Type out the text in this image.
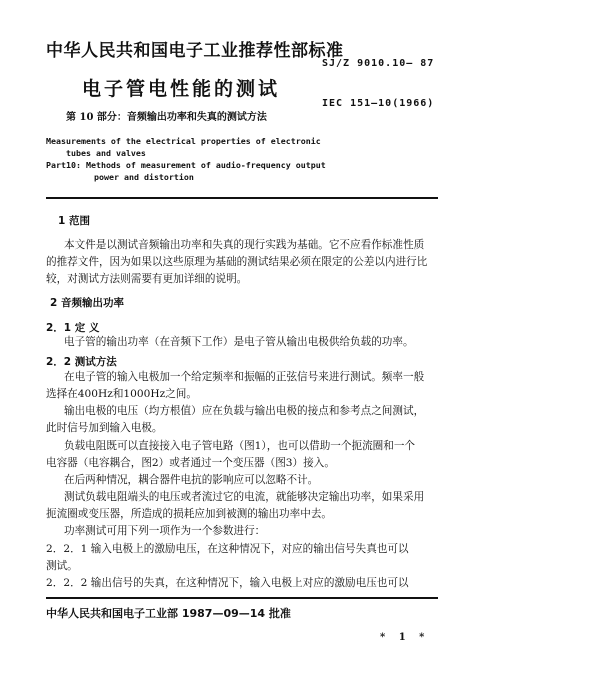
中华人民共和国电子工业推荐性部标准
SJ/Z 9010.10— 87
电子管电性能的测试
第 10 部分：音频输出功率和失真的测试方法
IEC 151—10(1966)
Measurements of the electrical properties of electronic
tubes and valves
Part10: Methods of measurement of audio-frequency output
power and distortion
1 范围
本文件是以测试音频输出功率和失真的现行实践为基础。它不应看作标准性质
的推荐文件，因为如果以这些原理为基础的测试结果必须在限定的公差以内进行比
较，对测试方法则需要有更加详细的说明。
2 音频输出功率
2．1 定 义
电子管的输出功率（在音频下工作）是电子管从输出电极供给负载的功率。
2．2 测试方法
在电子管的输入电极加一个给定频率和振幅的正弦信号来进行测试。频率一般
选择在400Hz和1000Hz之间。
输出电极的电压（均方根值）应在负载与输出电极的接点和参考点之间测试，
此时信号加到输入电极。
负载电阻既可以直接接入电子管电路（图1），也可以借助一个扼流圈和一个
电容器（电容耦合，图2）或者通过一个变压器（图3）接入。
在后两种情况，耦合器件电抗的影响应可以忽略不计。
测试负载电阻端头的电压或者流过它的电流，就能够决定输出功率，如果采用
扼流圈或变压器，所造成的损耗应加到被测的输出功率中去。
功率测试可用下列一项作为一个参数进行：
2．2．1 输入电极上的激励电压，在这种情况下，对应的输出信号失真也可以
测试。
2．2．2 输出信号的失真，在这种情况下，输入电极上对应的激励电压也可以
中华人民共和国电子工业部 1987—09—14 批准
* 1 *
